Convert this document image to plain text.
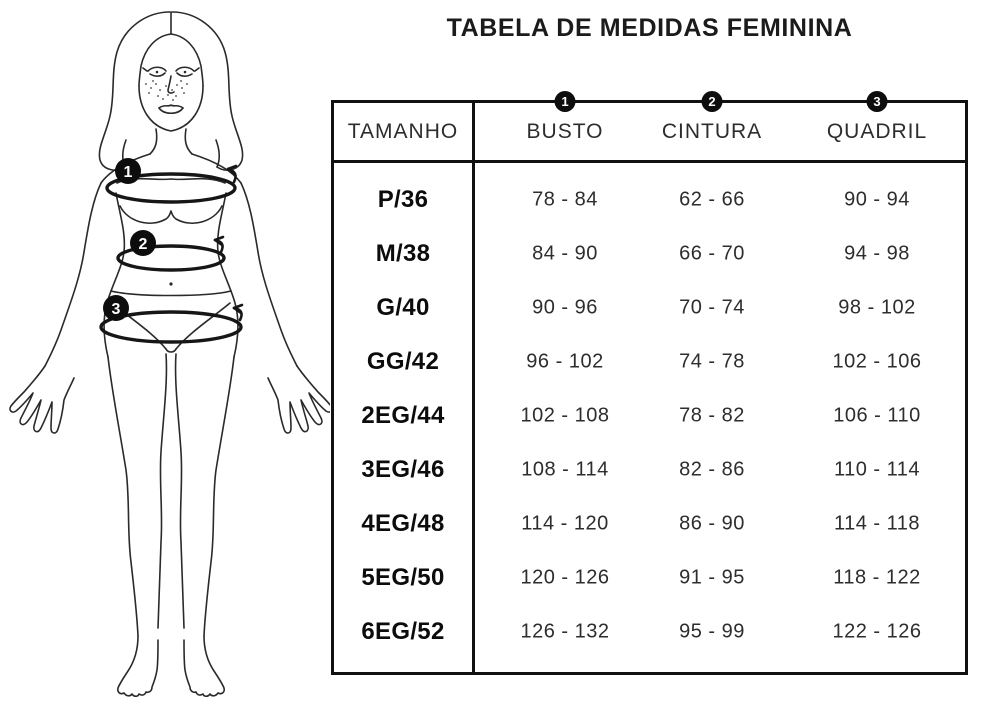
1
2
3
TABELA DE MEDIDAS FEMININA
1	2	3
TAMANHO	BUSTO	CINTURA	QUADRIL
P/36	78 - 84	62 - 66	90 - 94
M/38	84 - 90	66 - 70	94 - 98
G/40	90 - 96	70 - 74	98 - 102
GG/42	96 - 102	74 - 78	102 - 106
2EG/44	102 - 108	78 - 82	106 - 110
3EG/46	108 - 114	82 - 86	110 - 114
4EG/48	114 - 120	86 - 90	114 - 118
5EG/50	120 - 126	91 - 95	118 - 122
6EG/52	126 - 132	95 - 99	122 - 126
